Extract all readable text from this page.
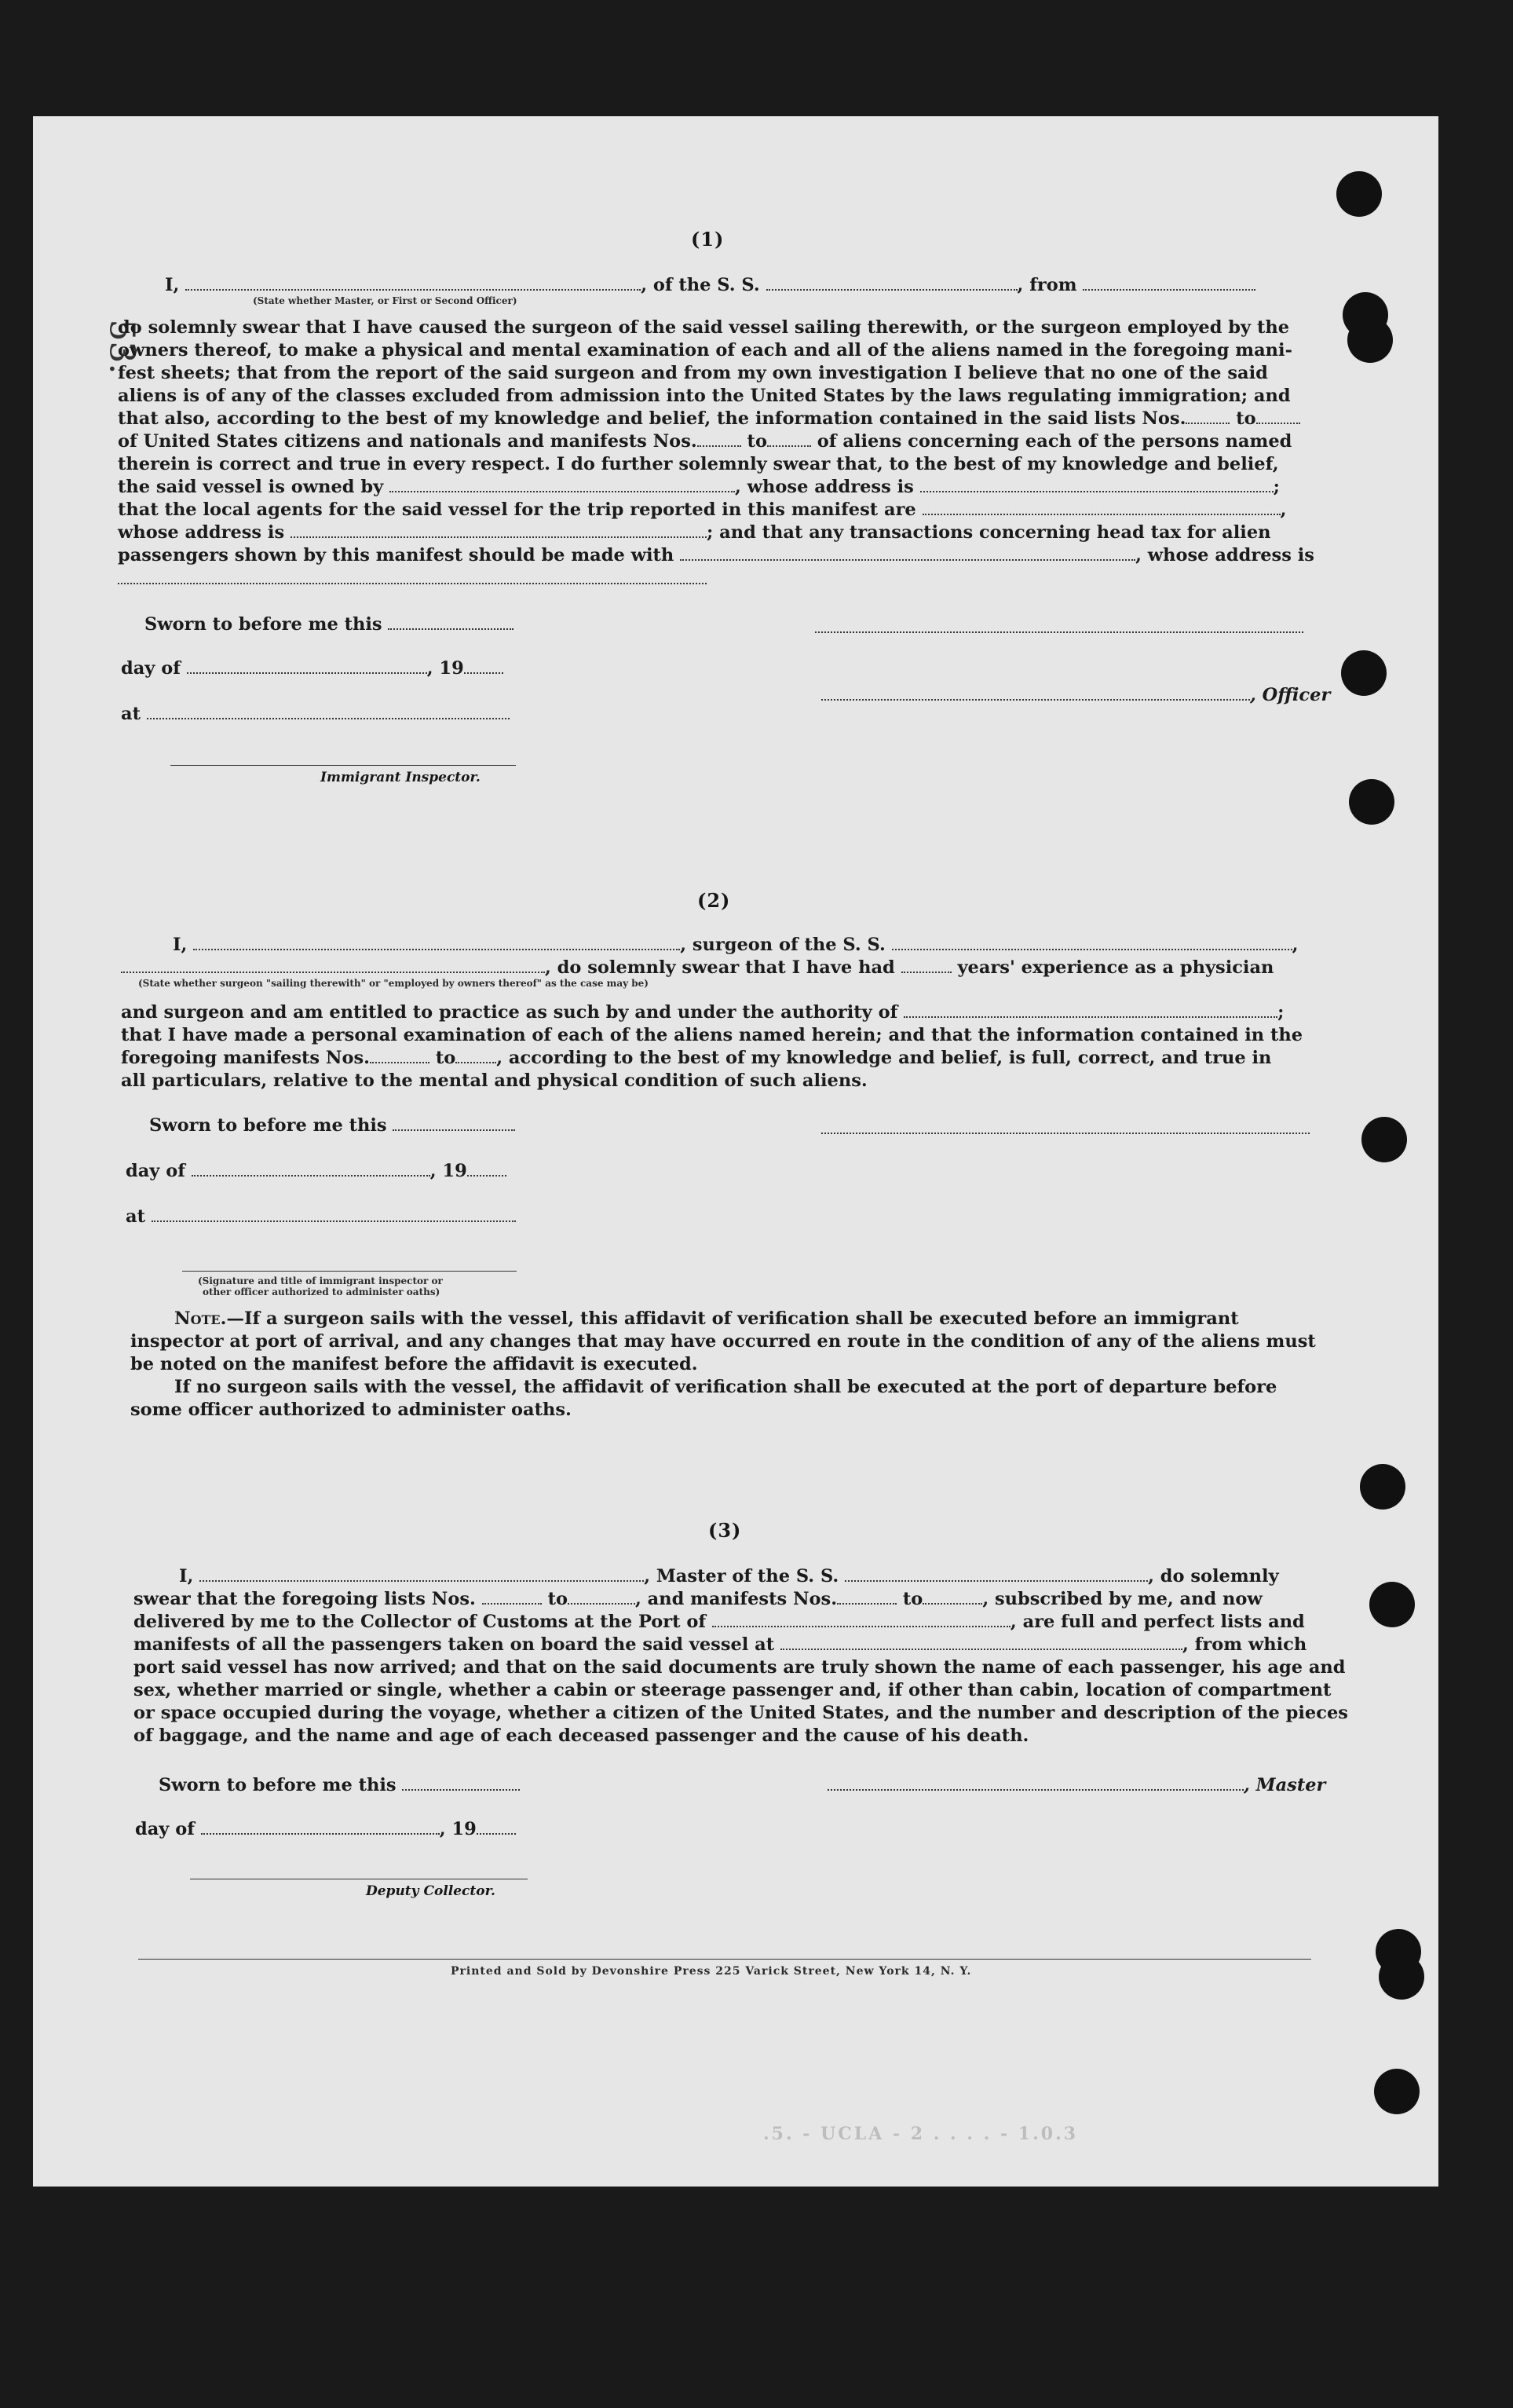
53.
(1)
I,	, of the S. S.	, from
(State whether Master, or First or Second Officer)
do solemnly swear that I have caused the surgeon of the said vessel sailing therewith, or the surgeon employed by the
owners thereof, to make a physical and mental examination of each and all of the aliens named in the foregoing mani-
fest sheets; that from the report of the said surgeon and from my own investigation I believe that no one of the said
aliens is of any of the classes excluded from admission into the United States by the laws regulating immigration; and
that also, according to the best of my knowledge and belief, the information contained in the said lists Nos.	to
of United States citizens and nationals and manifests Nos.	to	of aliens concerning each of the persons named
therein is correct and true in every respect. I do further solemnly swear that, to the best of my knowledge and belief,
the said vessel is owned by	, whose address is	;
that the local agents for the said vessel for the trip reported in this manifest are	,
whose address is	; and that any transactions concerning head tax for alien
passengers shown by this manifest should be made with	, whose address is
Sworn to before me this
day of	, 19
, Officer
at
Immigrant Inspector.
(2)
I,	, surgeon of the S. S.	,
, do solemnly swear that I have had	years' experience as a physician
(State whether surgeon "sailing therewith" or "employed by owners thereof" as the case may be)
and surgeon and am entitled to practice as such by and under the authority of	;
that I have made a personal examination of each of the aliens named herein; and that the information contained in the
foregoing manifests Nos.	to , according to the best of my knowledge and belief, is full, correct, and true in
all particulars, relative to the mental and physical condition of such aliens.
Sworn to before me this
day of	, 19
at
(Signature and title of immigrant inspector or
other officer authorized to administer oaths)
Note.—If a surgeon sails with the vessel, this affidavit of verification shall be executed before an immigrant
inspector at port of arrival, and any changes that may have occurred en route in the condition of any of the aliens must
be noted on the manifest before the affidavit is executed.
If no surgeon sails with the vessel, the affidavit of verification shall be executed at the port of departure before
some officer authorized to administer oaths.
(3)
I,	, Master of the S. S.	, do solemnly
swear that the foregoing lists Nos.	to	, and manifests Nos.	to	, subscribed by me, and now
delivered by me to the Collector of Customs at the Port of	, are full and perfect lists and
manifests of all the passengers taken on board the said vessel at	, from which
port said vessel has now arrived; and that on the said documents are truly shown the name of each passenger, his age and
sex, whether married or single, whether a cabin or steerage passenger and, if other than cabin, location of compartment
or space occupied during the voyage, whether a citizen of the United States, and the number and description of the pieces
of baggage, and the name and age of each deceased passenger and the cause of his death.
Sworn to before me this	, Master
day of	, 19
Deputy Collector.
Printed and Sold by Devonshire Press 225 Varick Street, New York 14, N. Y.
.5. - UCLA - 2 . . . . - 1.0.3
